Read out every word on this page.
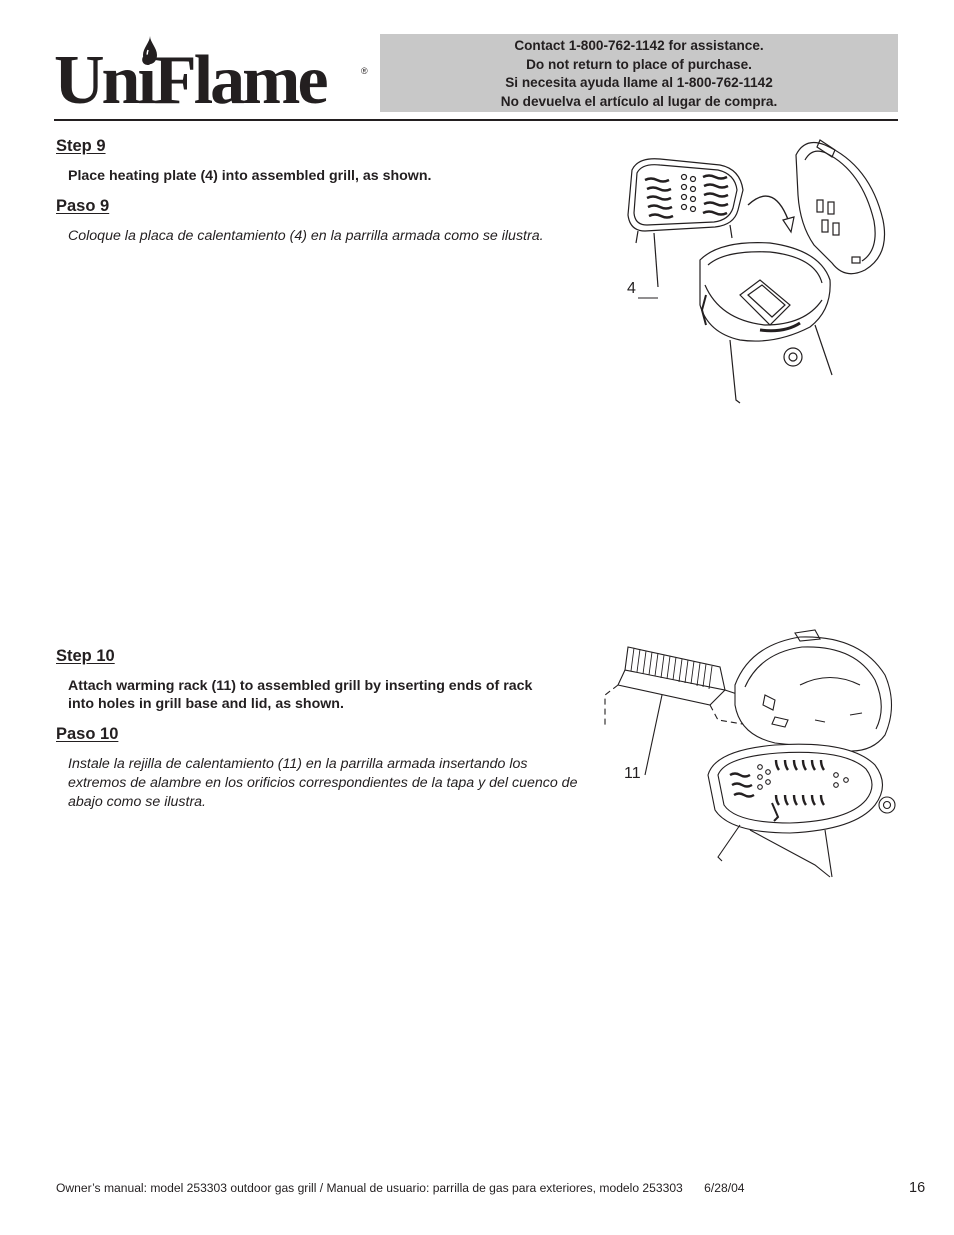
UniFlame	®
Contact 1-800-762-1142 for assistance.
Do not return to place of purchase.
Si necesita ayuda llame al 1-800-762-1142
No devuelva el artículo al lugar de compra.
Step 9
Place heating plate (4) into assembled grill, as shown.
Paso 9
Coloque la placa de calentamiento (4) en la parrilla armada como se ilustra.
4
Step 10
Attach warming rack (11) to assembled grill by inserting ends of rack into holes in grill base and lid, as shown.
Paso 10
Instale la rejilla de calentamiento (11) en la parrilla armada insertando los extremos de alambre en los orificios correspondientes de la tapa y del cuenco de abajo como se ilustra.
11
Owner’s manual: model 253303 outdoor gas grill / Manual de usuario: parrilla de gas para exteriores, modelo 253303 6/28/04	16
